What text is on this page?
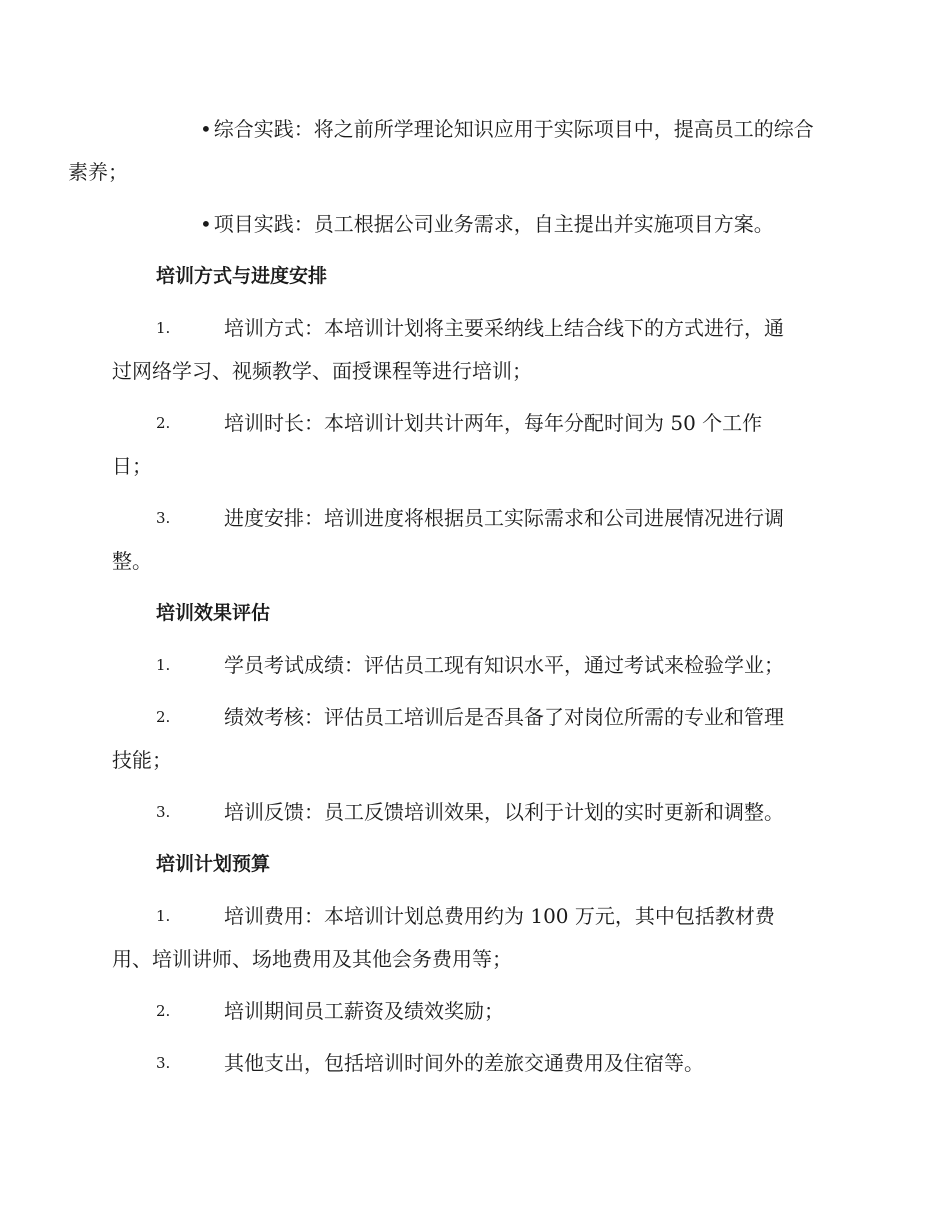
• 综合实践：将之前所学理论知识应用于实际项目中，提高员工的综合
素养；
• 项目实践：员工根据公司业务需求，自主提出并实施项目方案。
培训方式与进度安排
1.	培训方式：本培训计划将主要采纳线上结合线下的方式进行，通
过网络学习、视频教学、面授课程等进行培训；
2.	培训时长：本培训计划共计两年，每年分配时间为 50 个工作
日；
3.	进度安排：培训进度将根据员工实际需求和公司进展情况进行调
整。
培训效果评估
1.	学员考试成绩：评估员工现有知识水平，通过考试来检验学业；
2.	绩效考核：评估员工培训后是否具备了对岗位所需的专业和管理
技能；
3.	培训反馈：员工反馈培训效果，以利于计划的实时更新和调整。
培训计划预算
1.	培训费用：本培训计划总费用约为 100 万元，其中包括教材费
用、培训讲师、场地费用及其他会务费用等；
2.	培训期间员工薪资及绩效奖励；
3.	其他支出，包括培训时间外的差旅交通费用及住宿等。
